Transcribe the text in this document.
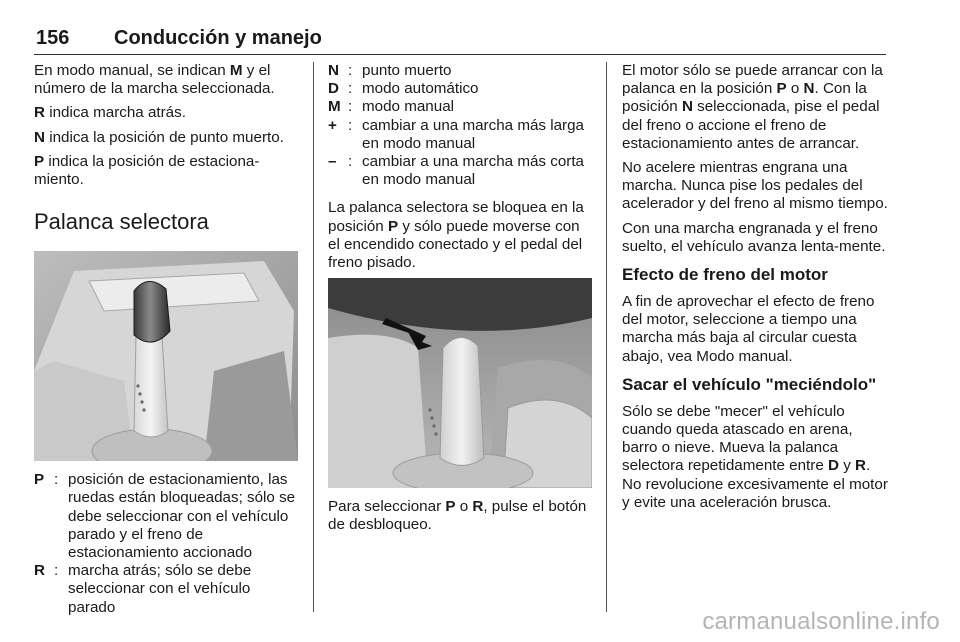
156 Conducción y manejo

En modo manual, se indican M y el número de la marcha seleccionada.

R indica marcha atrás.

N indica la posición de punto muerto.

P indica la posición de estaciona-miento.

Palanca selectora
P : posición de estacionamiento, las ruedas están bloqueadas; sólo se debe seleccionar con el vehículo parado y el freno de estacionamiento accionado
R : marcha atrás; sólo se debe seleccionar con el vehículo parado
N : punto muerto
D : modo automático
M : modo manual
+ : cambiar a una marcha más larga en modo manual
– : cambiar a una marcha más corta en modo manual

La palanca selectora se bloquea en la posición P y sólo puede moverse con el encendido conectado y el pedal del freno pisado.

Para seleccionar P o R, pulse el botón de desbloqueo.

El motor sólo se puede arrancar con la palanca en la posición P o N. Con la posición N seleccionada, pise el pedal del freno o accione el freno de estacionamiento antes de arrancar.

No acelere mientras engrana una marcha. Nunca pise los pedales del acelerador y del freno al mismo tiempo.

Con una marcha engranada y el freno suelto, el vehículo avanza lenta-mente.

Efecto de freno del motor

A fin de aprovechar el efecto de freno del motor, seleccione a tiempo una marcha más baja al circular cuesta abajo, vea Modo manual.

Sacar el vehículo "meciéndolo"

Sólo se debe "mecer" el vehículo cuando queda atascado en arena, barro o nieve. Mueva la palanca selectora repetidamente entre D y R. No revolucione excesivamente el motor y evite una aceleración brusca.

carmanualsonline.info
